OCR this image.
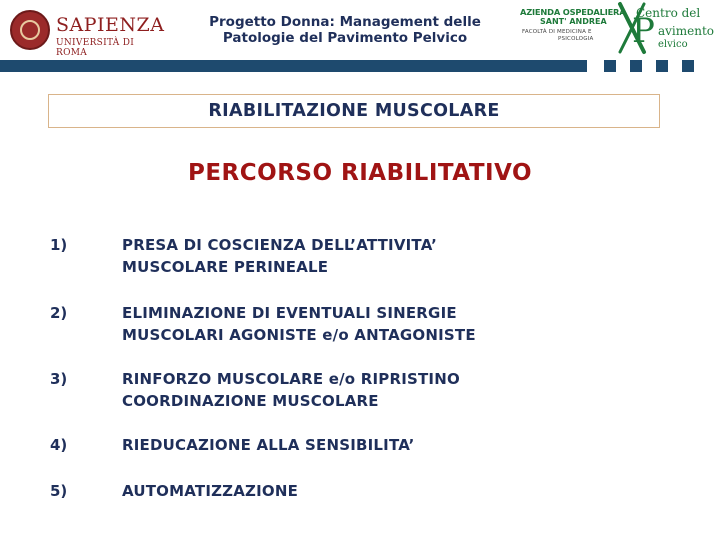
SAPIENZA
UNIVERSITÀ DI ROMA
Progetto Donna: Management delle
Patologie del Pavimento Pelvico
AZIENDA OSPEDALIERA
SANT' ANDREA
FACOLTÀ DI MEDICINA E
PSICOLOGIA P
Centro del
avimento
elvico
RIABILITAZIONE MUSCOLARE
PERCORSO RIABILITATIVO
1)	PRESA DI COSCIENZA DELL’ATTIVITA’
MUSCOLARE PERINEALE
2)	ELIMINAZIONE DI EVENTUALI SINERGIE
MUSCOLARI AGONISTE e/o ANTAGONISTE
3)	RINFORZO MUSCOLARE e/o RIPRISTINO
COORDINAZIONE MUSCOLARE
4)	RIEDUCAZIONE ALLA SENSIBILITA’
5)	AUTOMATIZZAZIONE
